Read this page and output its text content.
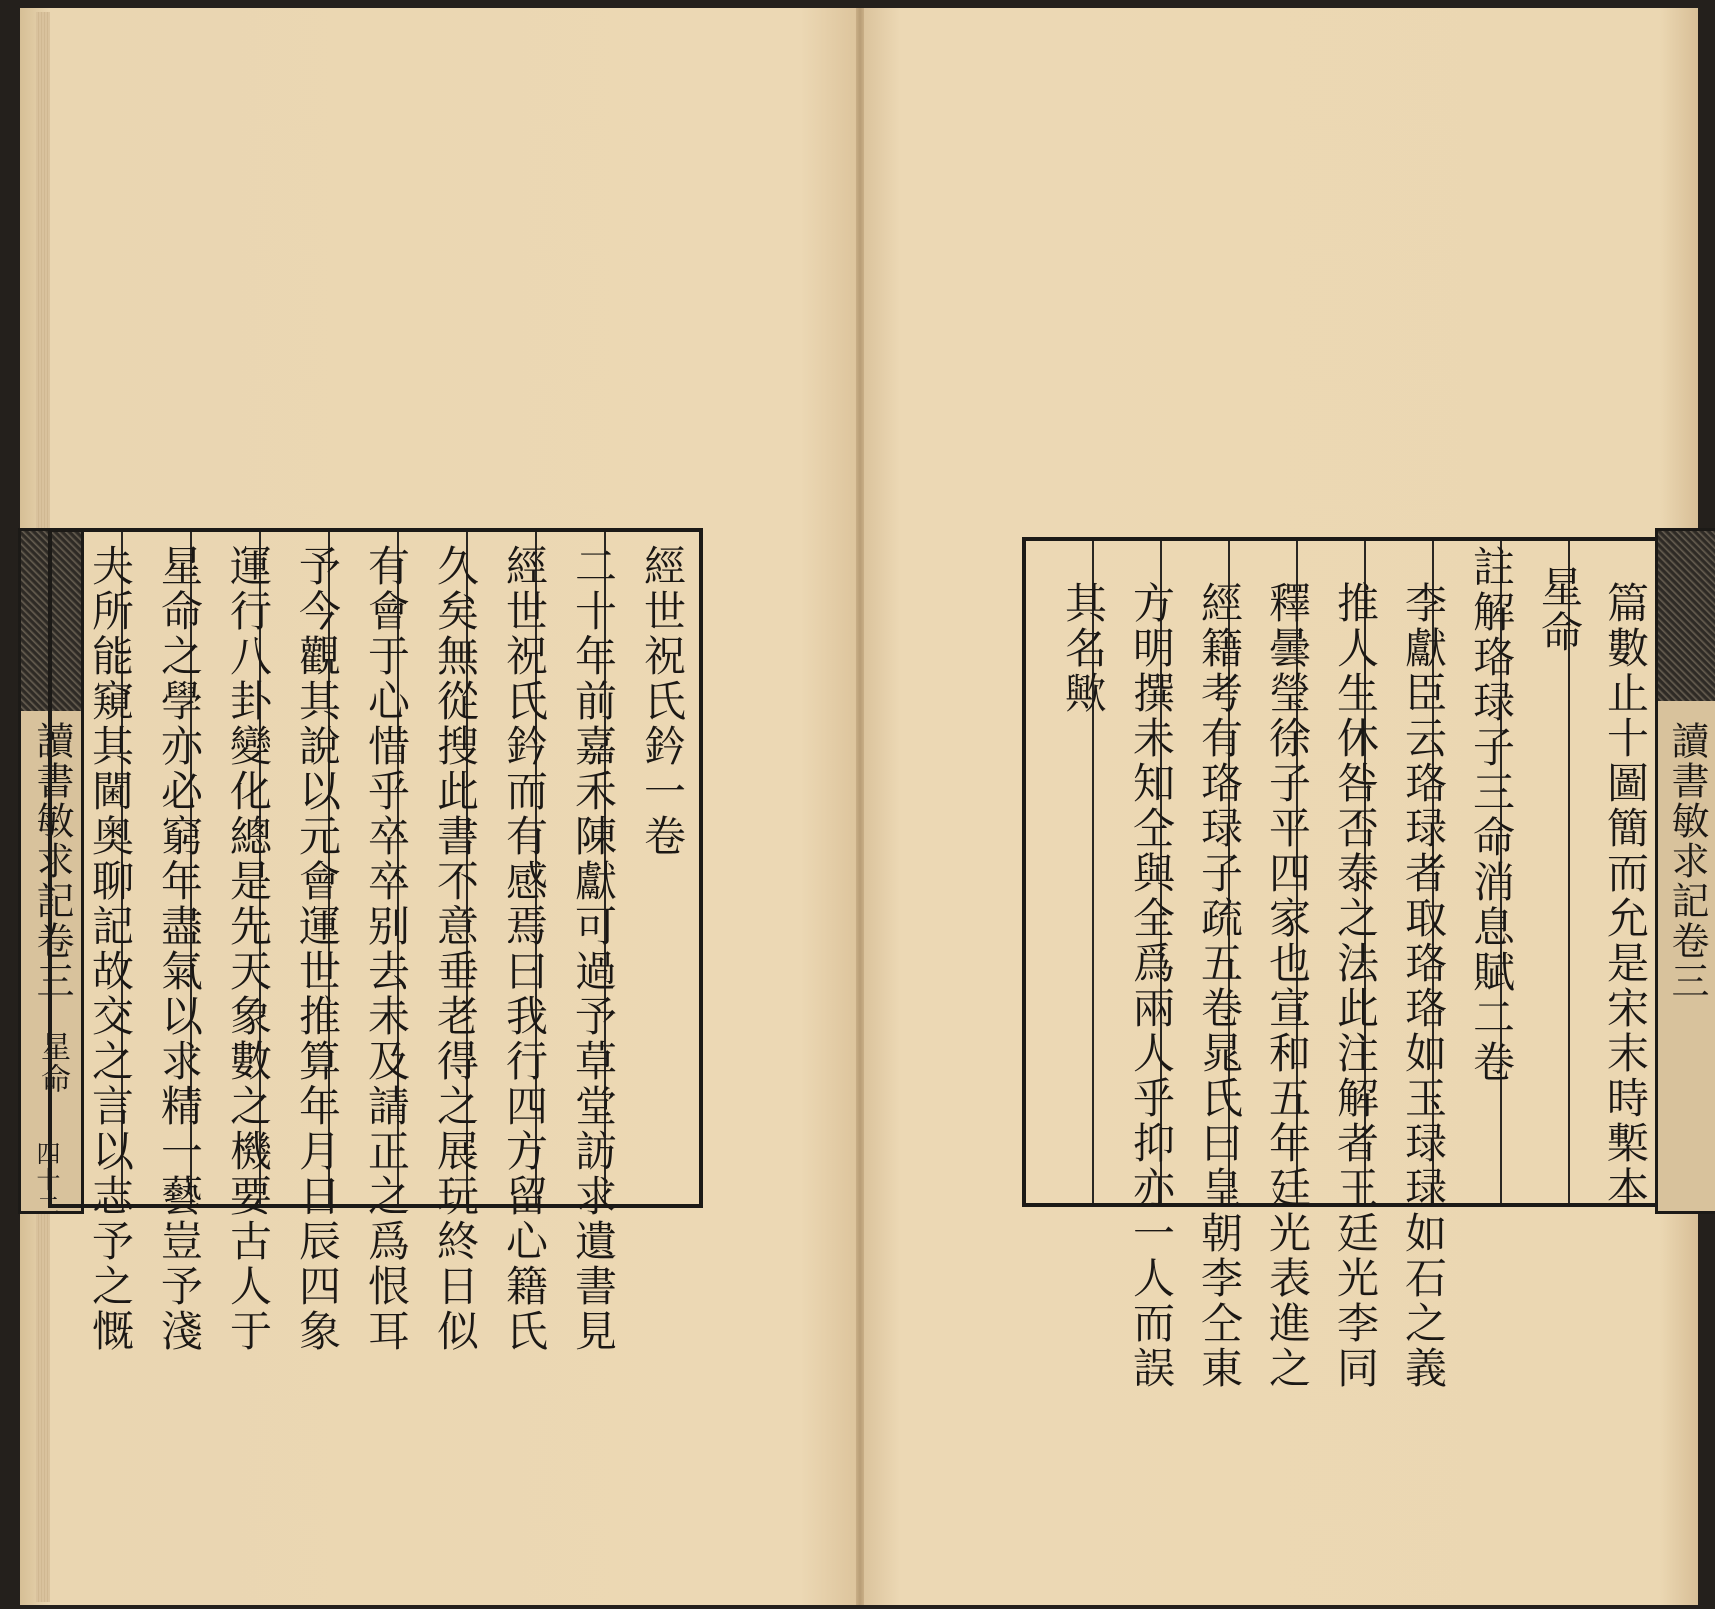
讀書敏求記卷三
星命
四十二
經世祝氏鈐一卷
二十年前嘉禾陳獻可過予草堂訪求遺書見
經世祝氏鈐而有感焉曰我行四方留心籍氏
久矣無從搜此書不意垂老得之展玩終日似
有會于心惜乎卒卒别去未及請正之爲恨耳
予今觀其說以元會運世推算年月日辰四象
運行八卦變化總是先天象數之機要古人于
星命之學亦必窮年盡氣以求精一藝豈予淺
夫所能窺其閫奥聊記故交之言以志予之慨	篇數止十圖簡而允是宋末時槧本
星命
註解珞琭子三命消息賦二卷
李獻臣云珞琭者取珞珞如玉琭琭如石之義
推人生休咎否泰之法此注解者王廷光李同
釋曇瑩徐子平四家也宣和五年廷光表進之
經籍考有珞琭子疏五卷晁氏曰皇朝李仝東
方明撰未知仝與全爲兩人乎抑亦一人而誤
其名歟
讀書敏求記卷三
